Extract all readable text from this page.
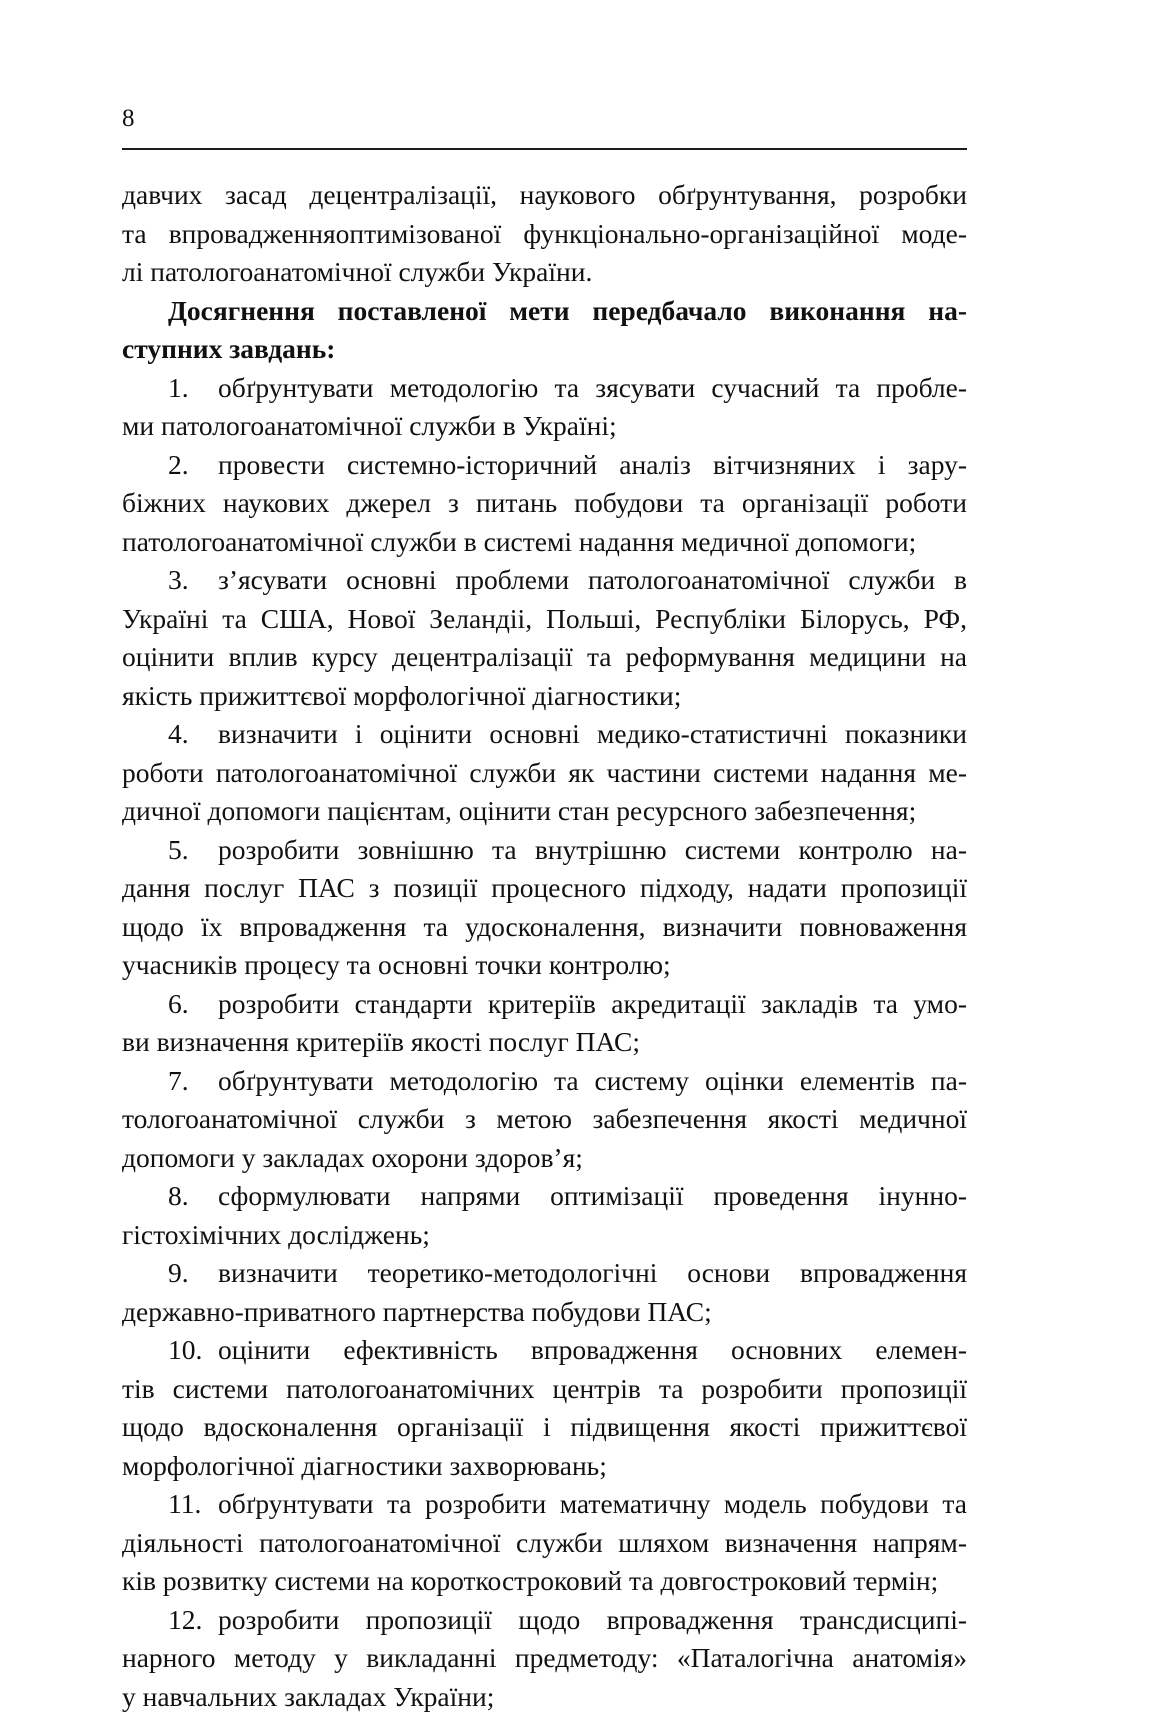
8

давчих засад децентралізації, наукового обґрунтування, розробки
та впровадженняоптимізованої функціонально-організаційної моде-
лі патологоанатомічної служби України.

Досягнення поставленої мети передбачало виконання на-
ступних завдань:

1. обґрунтувати методологію та зясувати сучасний та пробле-
ми патологоанатомічної служби в Україні;

2. провести системно-історичний аналіз вітчизняних і зару-
біжних наукових джерел з питань побудови та організації роботи
патологоанатомічної служби в системі надання медичної допомоги;

3. з’ясувати основні проблеми патологоанатомічної служби в
Україні та США, Нової Зеландіі, Польші, Республіки Білорусь, РФ,
оцінити вплив курсу децентралізації та реформування медицини на
якість прижиттєвої морфологічної діагностики;

4. визначити і оцінити основні медико-статистичні показники
роботи патологоанатомічної служби як частини системи надання ме-
дичної допомоги пацієнтам, оцінити стан ресурсного забезпечення;

5. розробити зовнішню та внутрішню системи контролю на-
дання послуг ПАС з позиції процесного підходу, надати пропозиції
щодо їх впровадження та удосконалення, визначити повноваження
учасників процесу та основні точки контролю;

6. розробити стандарти критеріїв акредитації закладів та умо-
ви визначення критеріїв якості послуг ПАС;

7. обґрунтувати методологію та систему оцінки елементів па-
тологоанатомічної служби з метою забезпечення якості медичної
допомоги у закладах охорони здоров’я;

8. сформулювати напрями оптимізації проведення інунно-
гістохімічних досліджень;

9. визначити теоретико-методологічні основи впровадження
державно-приватного партнерства побудови ПАС;

10. оцінити ефективність впровадження основних елемен-
тів системи патологоанатомічних центрів та розробити пропозиції
щодо вдосконалення організації і підвищення якості прижиттєвої
морфологічної діагностики захворювань;

11. обґрунтувати та розробити математичну модель побудови та
діяльності патологоанатомічної служби шляхом визначення напрям-
ків розвитку системи на короткостроковий та довгостроковий термін;

12. розробити пропозиції щодо впровадження трансдисципі-
нарного методу у викладанні предметоду: «Паталогічна анатомія»
у навчальних закладах України;
